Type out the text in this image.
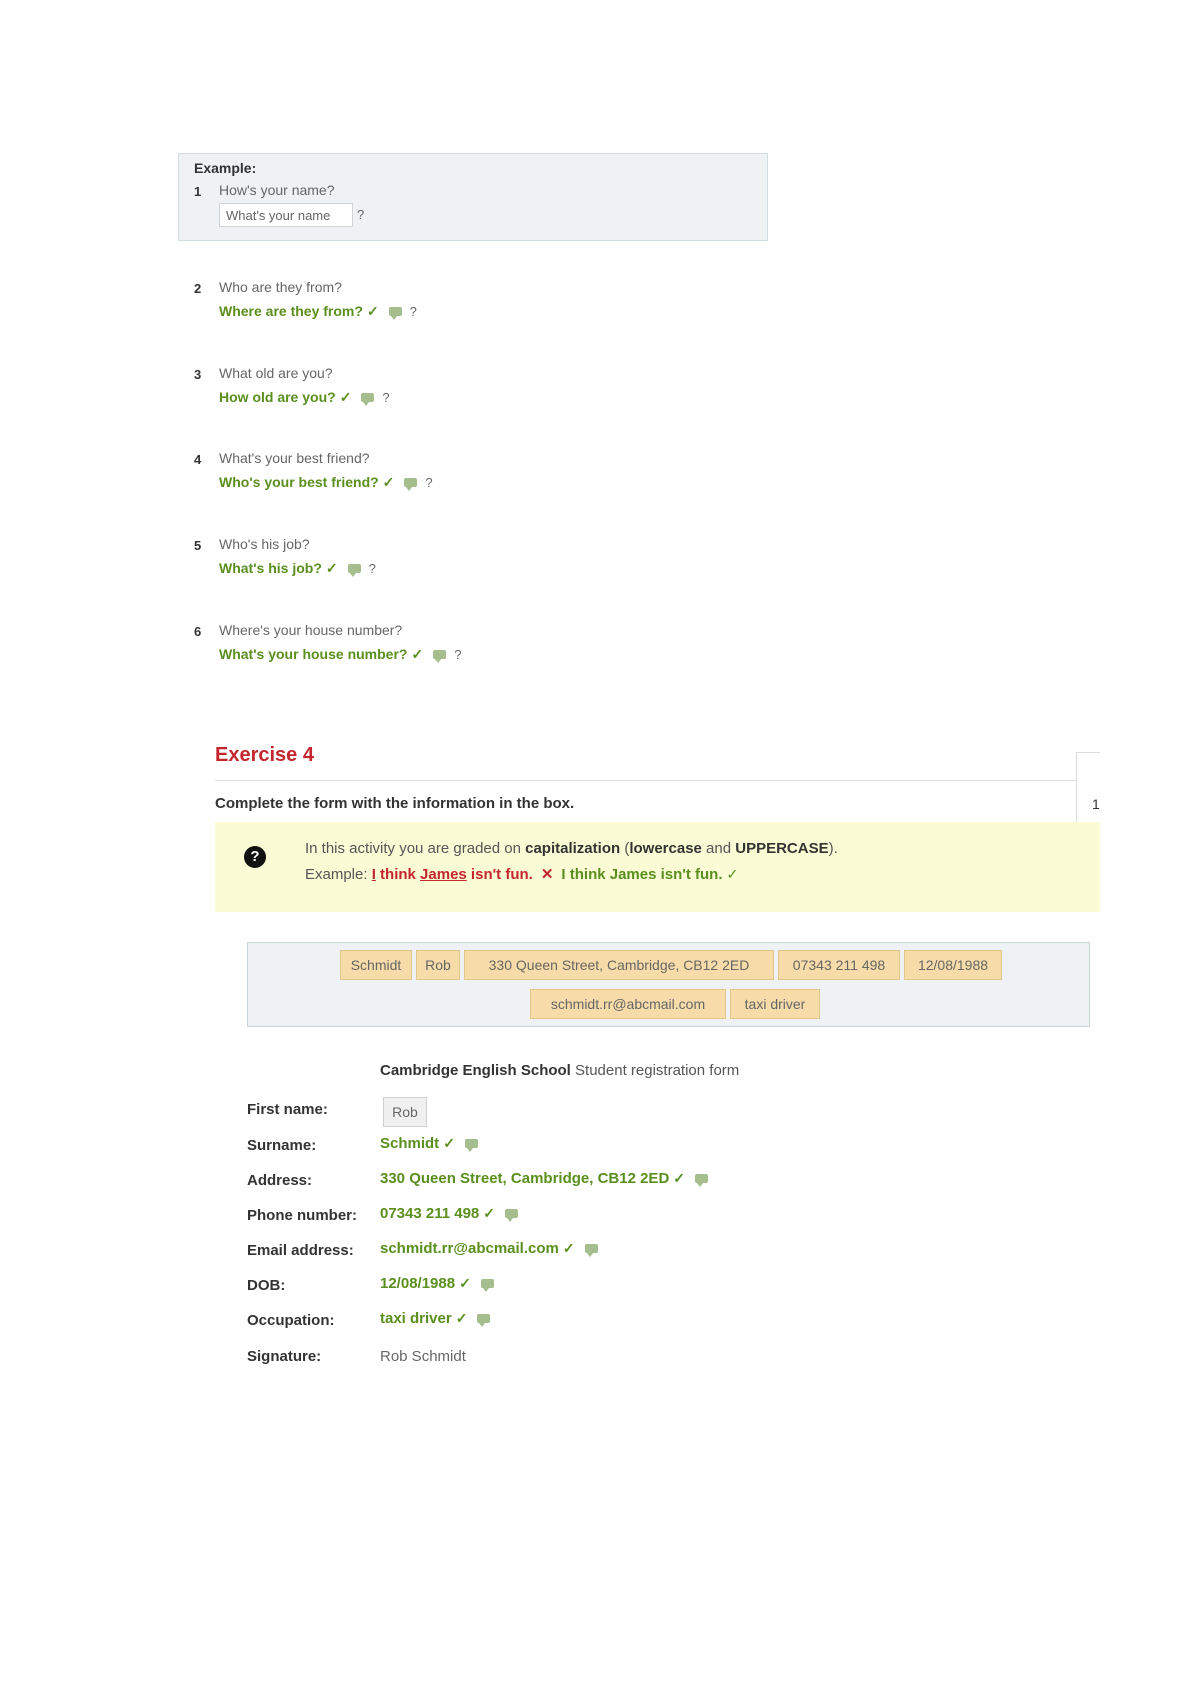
Example:
1 How's your name?
What's your name	?
2 Who are they from?
Where are they from? ✓ ?
3 What old are you?
How old are you? ✓ ?
4 What's your best friend?
Who's your best friend? ✓ ?
5 Who's his job?
What's his job? ✓ ?
6 Where's your house number?
What's your house number? ✓ ?
Exercise 4
1
Complete the form with the information in the box.
?	In this activity you are graded on capitalization (lowercase and UPPERCASE).
Example: I think James isn't fun. ✕ I think James isn't fun. ✓
Schmidt	Rob	330 Queen Street, Cambridge, CB12 2ED	07343 211 498	12/08/1988
schmidt.rr@abcmail.com	taxi driver
Cambridge English School Student registration form
First name:	Rob
Surname:	Schmidt ✓
Address:	330 Queen Street, Cambridge, CB12 2ED ✓
Phone number: 07343 211 498 ✓
Email address: schmidt.rr@abcmail.com ✓
DOB:	12/08/1988 ✓
Occupation:	taxi driver ✓
Signature:	Rob Schmidt
